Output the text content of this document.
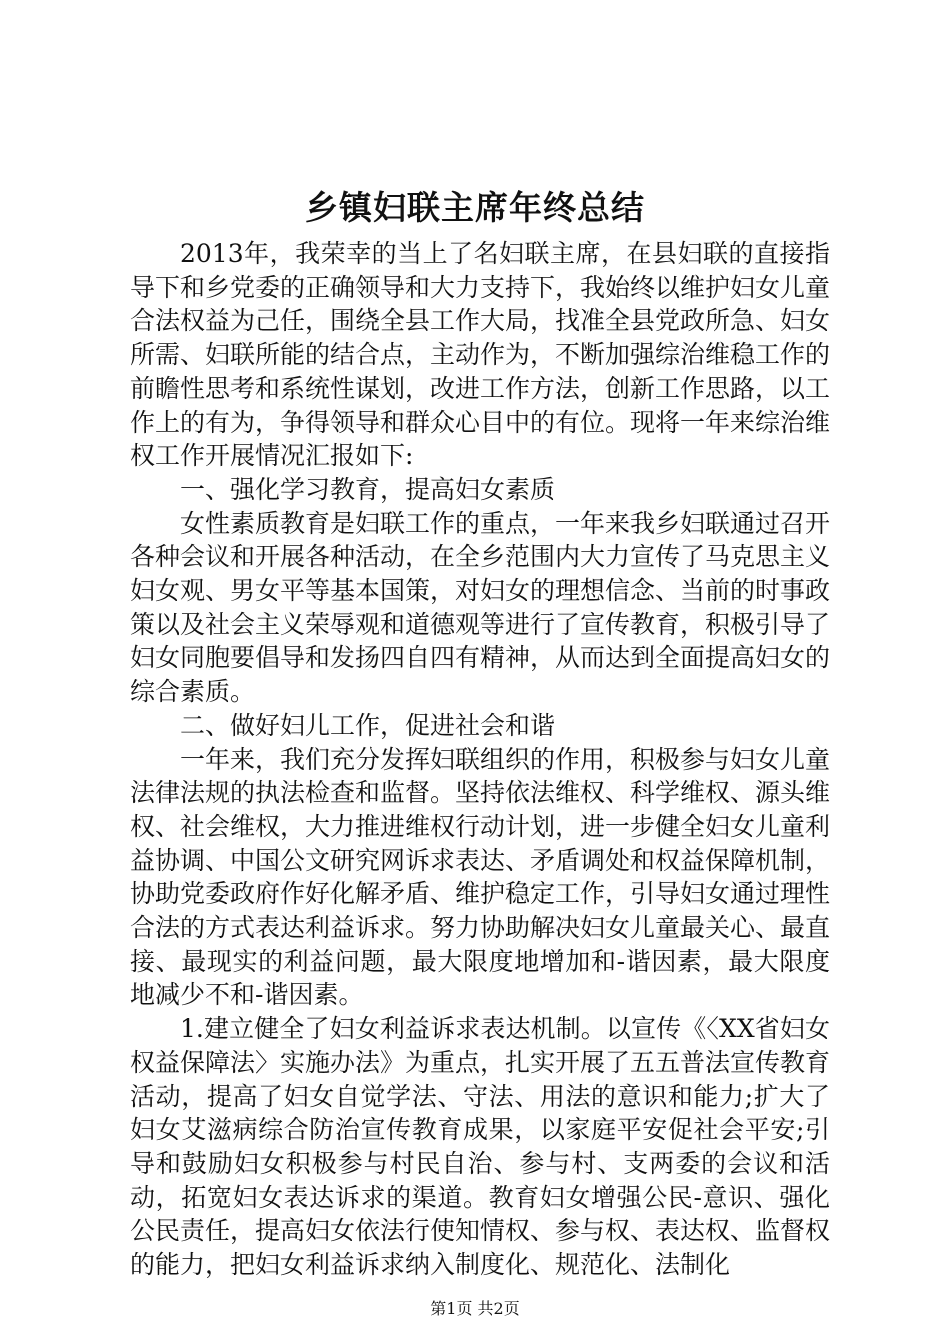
乡镇妇联主席年终总结

2013年，我荣幸的当上了名妇联主席，在县妇联的直接指导下和乡党委的正确领导和大力支持下，我始终以维护妇女儿童合法权益为己任，围绕全县工作大局，找准全县党政所急、妇女所需、妇联所能的结合点，主动作为，不断加强综治维稳工作的前瞻性思考和系统性谋划，改进工作方法，创新工作思路，以工作上的有为，争得领导和群众心目中的有位。现将一年来综治维权工作开展情况汇报如下:

一、强化学习教育，提高妇女素质

女性素质教育是妇联工作的重点，一年来我乡妇联通过召开各种会议和开展各种活动，在全乡范围内大力宣传了马克思主义妇女观、男女平等基本国策，对妇女的理想信念、当前的时事政策以及社会主义荣辱观和道德观等进行了宣传教育，积极引导了妇女同胞要倡导和发扬四自四有精神，从而达到全面提高妇女的综合素质。

二、做好妇儿工作，促进社会和谐

一年来，我们充分发挥妇联组织的作用，积极参与妇女儿童法律法规的执法检查和监督。坚持依法维权、科学维权、源头维权、社会维权，大力推进维权行动计划，进一步健全妇女儿童利益协调、中国公文研究网诉求表达、矛盾调处和权益保障机制，协助党委政府作好化解矛盾、维护稳定工作，引导妇女通过理性合法的方式表达利益诉求。努力协助解决妇女儿童最关心、最直接、最现实的利益问题，最大限度地增加和-谐因素，最大限度地减少不和-谐因素。

1.建立健全了妇女利益诉求表达机制。以宣传《〈XX省妇女权益保障法〉实施办法》为重点，扎实开展了五五普法宣传教育活动，提高了妇女自觉学法、守法、用法的意识和能力;扩大了妇女艾滋病综合防治宣传教育成果，以家庭平安促社会平安;引导和鼓励妇女积极参与村民自治、参与村、支两委的会议和活动，拓宽妇女表达诉求的渠道。教育妇女增强公民-意识、强化公民责任，提高妇女依法行使知情权、参与权、表达权、监督权的能力，把妇女利益诉求纳入制度化、规范化、法制化

第1页 共2页
